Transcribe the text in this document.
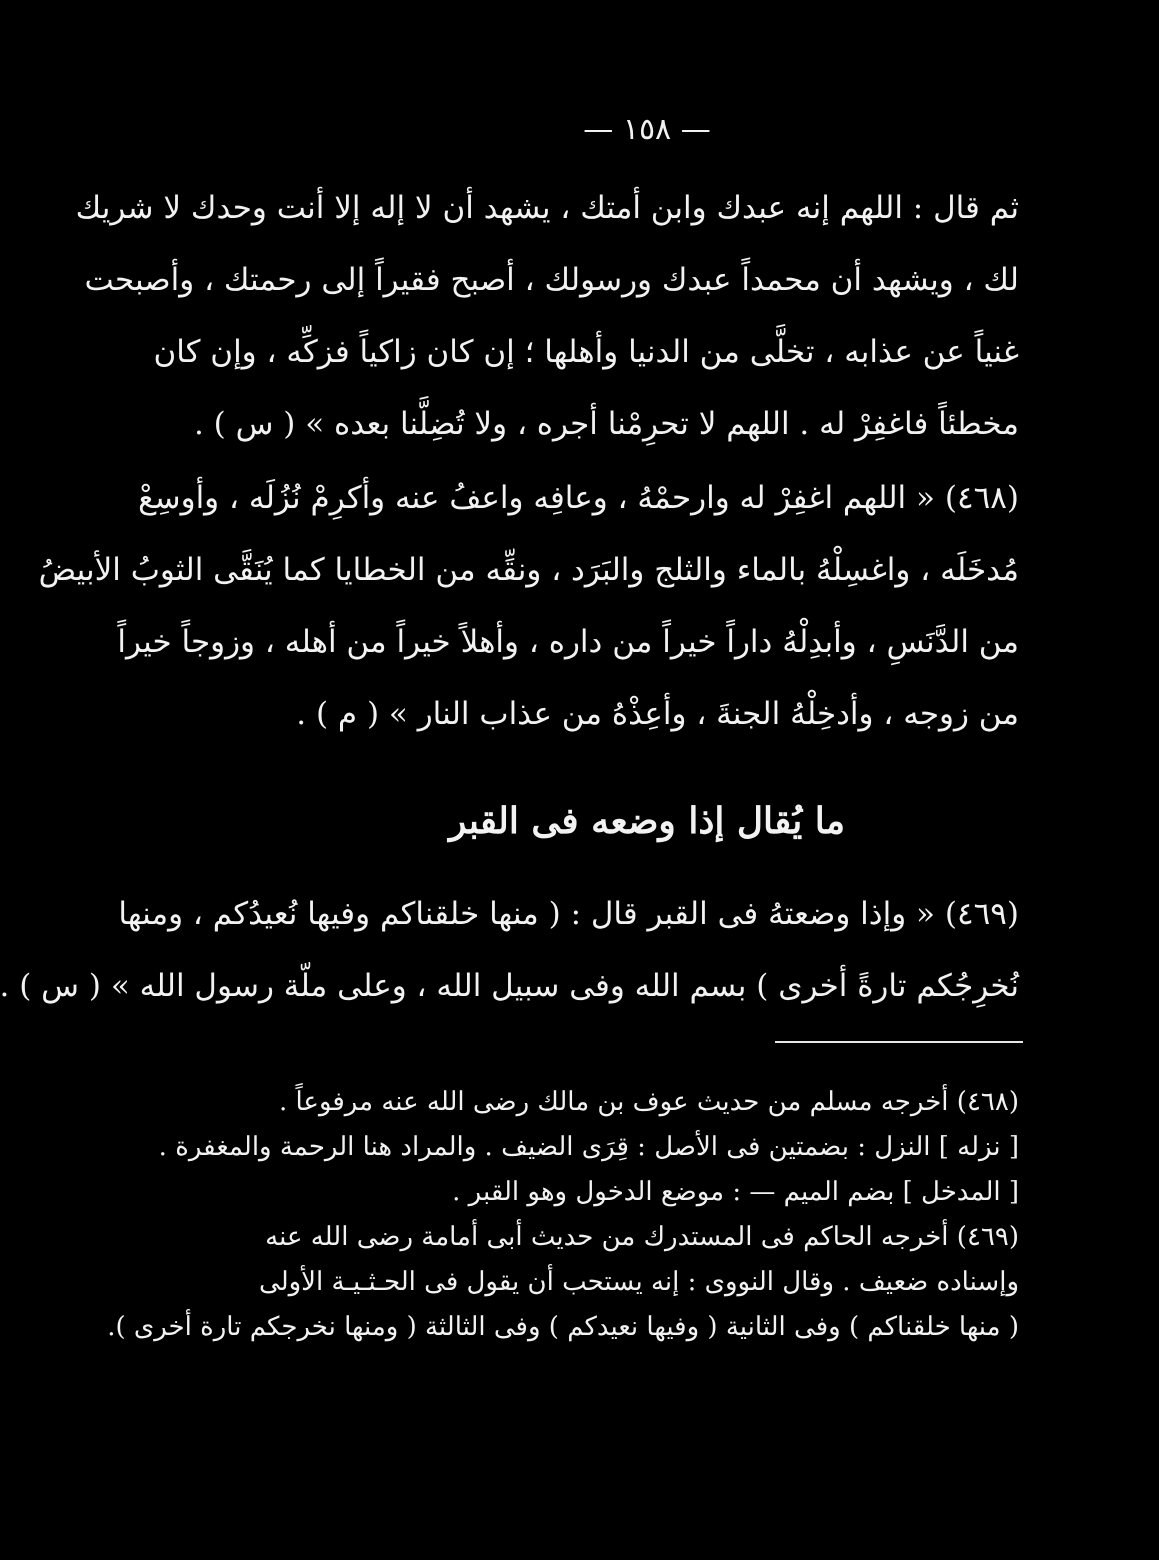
— ١٥٨ —
ثم قال : اللهم إنه عبدك وابن أمتك ، يشهد أن لا إله إلا أنت وحدك لا شريك
لك ، ويشهد أن محمداً عبدك ورسولك ، أصبح فقيراً إلى رحمتك ، وأصبحت
غنياً عن عذابه ، تخلَّى من الدنيا وأهلها ؛ إن كان زاكياً فزكِّه ، وإن كان
مخطئاً فاغفِرْ له . اللهم لا تحرِمْنا أجره ، ولا تُضِلَّنا بعده » ( س ) .
(٤٦٨) « اللهم اغفِرْ له وارحمْهُ ، وعافِه واعفُ عنه وأكرِمْ نُزُلَه ، وأوسِعْ
مُدخَلَه ، واغسِلْهُ بالماء والثلج والبَرَد ، ونقِّه من الخطايا كما يُنَقَّى الثوبُ الأبيضُ
من الدَّنَسِ ، وأبدِلْهُ داراً خيراً من داره ، وأهلاً خيراً من أهله ، وزوجاً خيراً
من زوجه ، وأدخِلْهُ الجنةَ ، وأعِذْهُ من عذاب النار » ( م ) .
ما يُقال إذا وضعه فى القبر
(٤٦٩) « وإذا وضعتهُ فى القبر قال : ( منها خلقناكم وفيها نُعيدُكم ، ومنها
نُخرِجُكم تارةً أخرى ) بسم الله وفى سبيل الله ، وعلى ملّة رسول الله » ( س ) .
(٤٦٨) أخرجه مسلم من حديث عوف بن مالك رضى الله عنه مرفوعاً .
[ نزله ] النزل : بضمتين فى الأصل : قِرَى الضيف . والمراد هنا الرحمة والمغفرة .
[ المدخل ] بضم الميم — : موضع الدخول وهو القبر .
(٤٦٩) أخرجه الحاكم فى المستدرك من حديث أبى أمامة رضى الله عنه
وإسناده ضعيف . وقال النووى : إنه يستحب أن يقول فى الحـثـيـة الأولى
( منها خلقناكم ) وفى الثانية ( وفيها نعيدكم ) وفى الثالثة ( ومنها نخرجكم تارة أخرى ).
